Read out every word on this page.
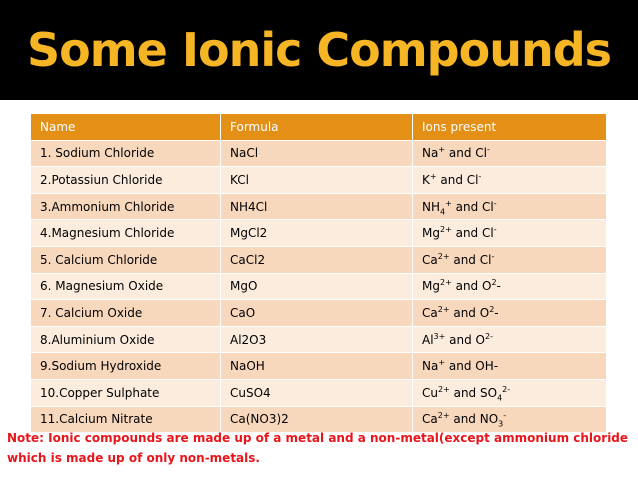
Some Ionic Compounds
Name	Formula	Ions present
1. Sodium Chloride	NaCl	Na+ and Cl-
2.Potassiun Chloride	KCl	K+ and Cl-
3.Ammonium Chloride	NH4Cl	$NH_4^+$ and Cl-
4.Magnesium Chloride	MgCl2	$Mg^{2+}$ and Cl-
5. Calcium Chloride	CaCl2	$Ca^{2+}$ and Cl-
6. Magnesium Oxide	MgO	$Mg^{2+}$ and $O^2-$
7. Calcium Oxide	CaO	$Ca^{2+}$ and $O^2-$
8.Aluminium Oxide	Al2O3	$Al^{3+}$ and $O^{2-}$
9.Sodium Hydroxide	NaOH	Na+ and OH-
10.Copper Sulphate	CuSO4	$Cu^{2+}$ and $SO_4^{2-}$
11.Calcium Nitrate	Ca(NO3)2	$Ca^{2+}$ and $NO_3^-$

Note: Ionic compounds are made up of a metal and a non-metal(except ammonium chloride which is made up of only non-metals.
